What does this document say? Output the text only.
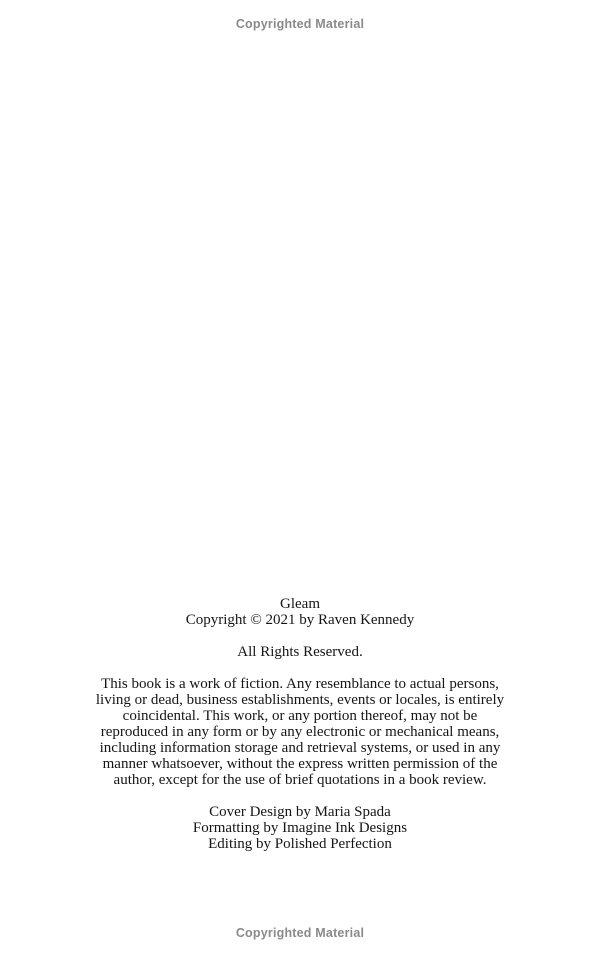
Copyrighted Material
Gleam
Copyright © 2021 by Raven Kennedy
All Rights Reserved.
This book is a work of fiction. Any resemblance to actual persons,
living or dead, business establishments, events or locales, is entirely
coincidental. This work, or any portion thereof, may not be
reproduced in any form or by any electronic or mechanical means,
including information storage and retrieval systems, or used in any
manner whatsoever, without the express written permission of the
author, except for the use of brief quotations in a book review.
Cover Design by Maria Spada
Formatting by Imagine Ink Designs
Editing by Polished Perfection
Copyrighted Material
